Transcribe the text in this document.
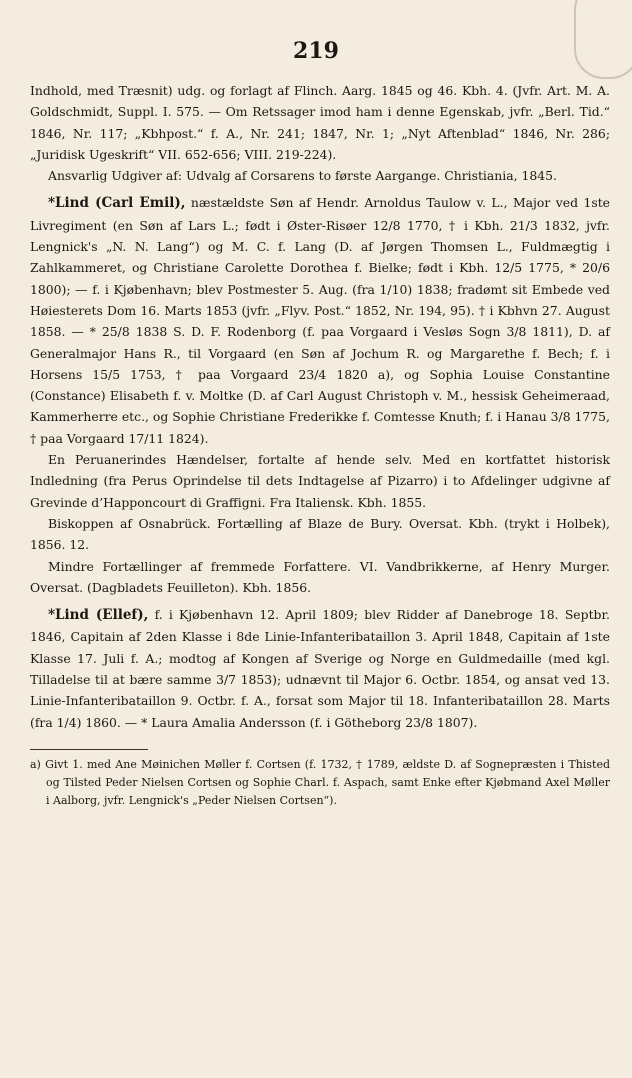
219

Indhold, med Træsnit) udg. og forlagt af Flinch. Aarg. 1845 og 46. Kbh. 4. (Jvfr. Art. M. A. Goldschmidt, Suppl. I. 575. — Om Retssager imod ham i denne Egenskab, jvfr. „Berl. Tid.“ 1846, Nr. 117; „Kbhpost.“ f. A., Nr. 241; 1847, Nr. 1; „Nyt Aftenblad“ 1846, Nr. 286; „Juridisk Ugeskrift“ VII. 652-656; VIII. 219-224).

Ansvarlig Udgiver af: Udvalg af Corsarens to første Aargange. Christiania, 1845.

*Lind (Carl Emil), næstældste Søn af Hendr. Arnoldus Taulow v. L., Major ved 1ste Livregiment (en Søn af Lars L.; født i Øster-Risøer 12/8 1770, † i Kbh. 21/3 1832, jvfr. Lengnick's „N. N. Lang“) og M. C. f. Lang (D. af Jørgen Thomsen L., Fuldmægtig i Zahlkammeret, og Christiane Carolette Dorothea f. Bielke; født i Kbh. 12/5 1775, * 20/6 1800); — f. i Kjøbenhavn; blev Postmester 5. Aug. (fra 1/10) 1838; fradømt sit Embede ved Høiesterets Dom 16. Marts 1853 (jvfr. „Flyv. Post.“ 1852, Nr. 194, 95). † i Kbhvn 27. August 1858. — * 25/8 1838 S. D. F. Rodenborg (f. paa Vorgaard i Vesløs Sogn 3/8 1811), D. af Generalmajor Hans R., til Vorgaard (en Søn af Jochum R. og Margarethe f. Bech; f. i Horsens 15/5 1753, † paa Vorgaard 23/4 1820 a), og Sophia Louise Constantine (Constance) Elisabeth f. v. Moltke (D. af Carl August Christoph v. M., hessisk Geheimeraad, Kammerherre etc., og Sophie Christiane Frederikke f. Comtesse Knuth; f. i Hanau 3/8 1775, † paa Vorgaard 17/11 1824).

En Peruanerindes Hændelser, fortalte af hende selv. Med en kortfattet historisk Indledning (fra Perus Oprindelse til dets Indtagelse af Pizarro) i to Afdelinger udgivne af Grevinde d’Happoncourt di Graffigni. Fra Italiensk. Kbh. 1855.

Biskoppen af Osnabrück. Fortælling af Blaze de Bury. Oversat. Kbh. (trykt i Holbek), 1856. 12.

Mindre Fortællinger af fremmede Forfattere. VI. Vandbrikkerne, af Henry Murger. Oversat. (Dagbladets Feuilleton). Kbh. 1856.

*Lind (Ellef), f. i Kjøbenhavn 12. April 1809; blev Ridder af Danebroge 18. Septbr. 1846, Capitain af 2den Klasse i 8de Linie-Infanteribataillon 3. April 1848, Capitain af 1ste Klasse 17. Juli f. A.; modtog af Kongen af Sverige og Norge en Guldmedaille (med kgl. Tilladelse til at bære samme 3/7 1853); udnævnt til Major 6. Octbr. 1854, og ansat ved 13. Linie-Infanteribataillon 9. Octbr. f. A., forsat som Major til 18. Infanteribataillon 28. Marts (fra 1/4) 1860. — * Laura Amalia Andersson (f. i Götheborg 23/8 1807).

a) Givt 1. med Ane Møinichen Møller f. Cortsen (f. 1732, † 1789, ældste D. af Sognepræsten i Thisted og Tilsted Peder Nielsen Cortsen og Sophie Charl. f. Aspach, samt Enke efter Kjøbmand Axel Møller i Aalborg, jvfr. Lengnick's „Peder Nielsen Cortsen“).
